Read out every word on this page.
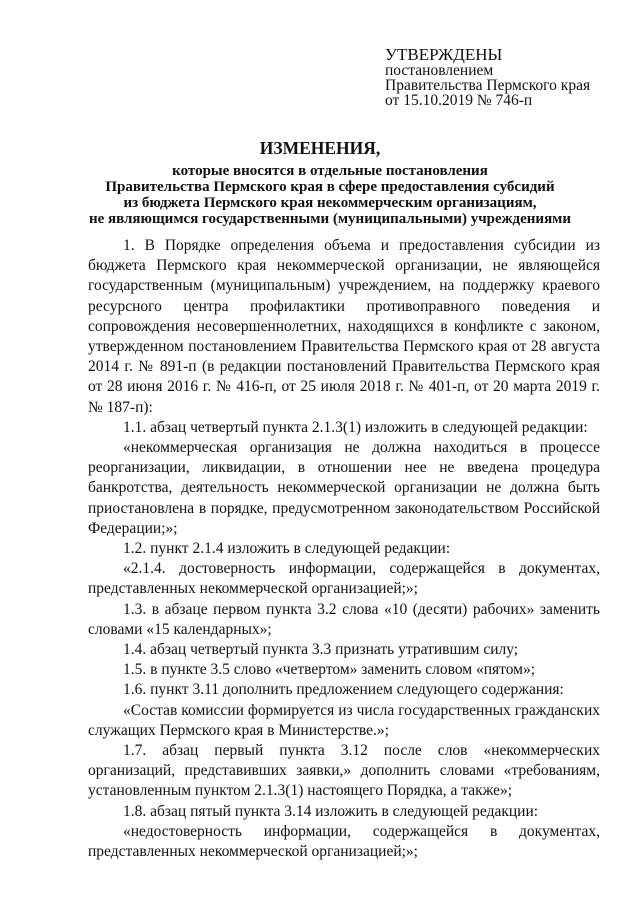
УТВЕРЖДЕНЫ
постановлением
Правительства Пермского края
от 15.10.2019 № 746-п
ИЗМЕНЕНИЯ,
которые вносятся в отдельные постановления
Правительства Пермского края в сфере предоставления субсидий
из бюджета Пермского края некоммерческим организациям,
не являющимся государственными (муниципальными) учреждениями

1. В Порядке определения объема и предоставления субсидии из бюджета Пермского края некоммерческой организации, не являющейся государственным (муниципальным) учреждением, на поддержку краевого ресурсного центра профилактики противоправного поведения и сопровождения несовершеннолетних, находящихся в конфликте с законом, утвержденном постановлением Правительства Пермского края от 28 августа 2014 г. № 891-п (в редакции постановлений Правительства Пермского края от 28 июня 2016 г. № 416-п, от 25 июля 2018 г. № 401-п, от 20 марта 2019 г. № 187-п):

1.1. абзац четвертый пункта 2.1.3(1) изложить в следующей редакции:

«некоммерческая организация не должна находиться в процессе реорганизации, ликвидации, в отношении нее не введена процедура банкротства, деятельность некоммерческой организации не должна быть приостановлена в порядке, предусмотренном законодательством Российской Федерации;»;

1.2. пункт 2.1.4 изложить в следующей редакции:

«2.1.4. достоверность информации, содержащейся в документах, представленных некоммерческой организацией;»;

1.3. в абзаце первом пункта 3.2 слова «10 (десяти) рабочих» заменить словами «15 календарных»;

1.4. абзац четвертый пункта 3.3 признать утратившим силу;

1.5. в пункте 3.5 слово «четвертом» заменить словом «пятом»;

1.6. пункт 3.11 дополнить предложением следующего содержания:

«Состав комиссии формируется из числа государственных гражданских служащих Пермского края в Министерстве.»;

1.7. абзац первый пункта 3.12 после слов «некоммерческих организаций, представивших заявки,» дополнить словами «требованиям, установленным пунктом 2.1.3(1) настоящего Порядка, а также»;

1.8. абзац пятый пункта 3.14 изложить в следующей редакции:

«недостоверность информации, содержащейся в документах, представленных некоммерческой организацией;»;
